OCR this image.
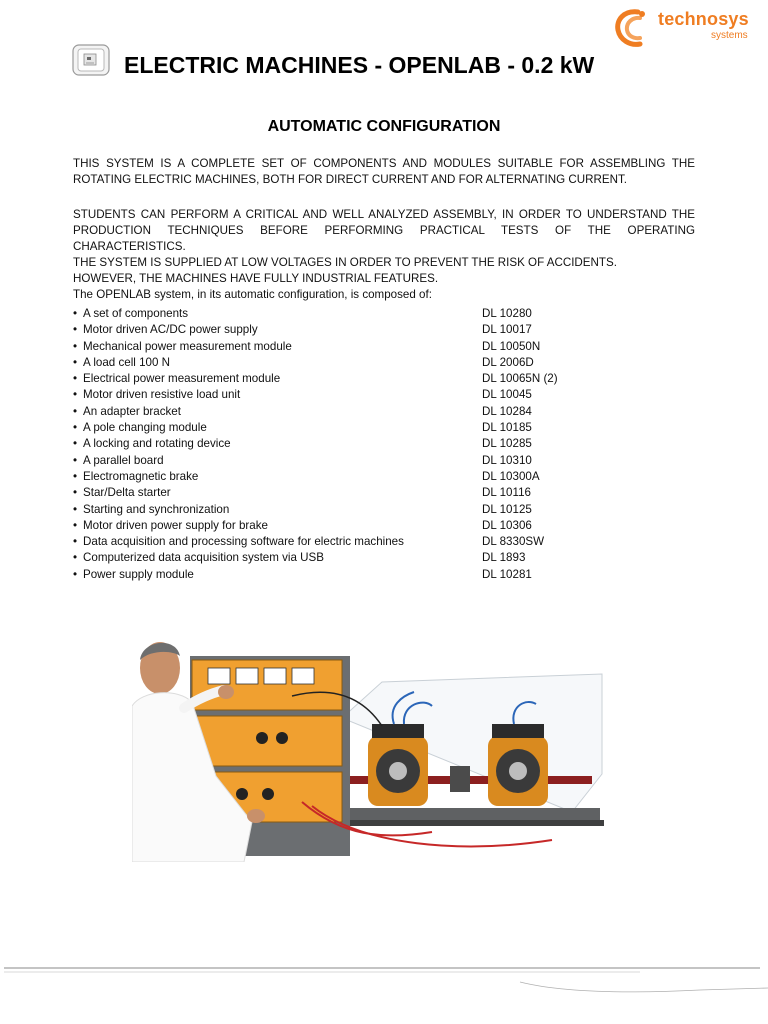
technosys
systems
ELECTRIC MACHINES - OPENLAB - 0.2 kW
AUTOMATIC CONFIGURATION
THIS SYSTEM IS A COMPLETE SET OF COMPONENTS AND MODULES SUITABLE FOR ASSEMBLING THE
ROTATING ELECTRIC MACHINES, BOTH FOR DIRECT CURRENT AND FOR ALTERNATING CURRENT.
STUDENTS CAN PERFORM A CRITICAL AND WELL ANALYZED ASSEMBLY, IN ORDER TO UNDERSTAND THE
PRODUCTION TECHNIQUES BEFORE PERFORMING PRACTICAL TESTS OF THE OPERATING CHARACTERISTICS.
THE SYSTEM IS SUPPLIED AT LOW VOLTAGES IN ORDER TO PREVENT THE RISK OF ACCIDENTS.
HOWEVER, THE MACHINES HAVE FULLY INDUSTRIAL FEATURES.
The OPENLAB system, in its automatic configuration, is composed of:
• A set of components	DL 10280
• Motor driven AC/DC power supply	DL 10017
• Mechanical power measurement module	DL 10050N
• A load cell 100 N	DL 2006D
• Electrical power measurement module	DL 10065N (2)
• Motor driven resistive load unit	DL 10045
• An adapter bracket	DL 10284
• A pole changing module	DL 10185
• A locking and rotating device	DL 10285
• A parallel board	DL 10310
• Electromagnetic brake	DL 10300A
• Star/Delta starter	DL 10116
• Starting and synchronization	DL 10125
• Motor driven power supply for brake	DL 10306
• Data acquisition and processing software for electric machines	DL 8330SW
• Computerized data acquisition system via USB	DL 1893
• Power supply module	DL 10281
